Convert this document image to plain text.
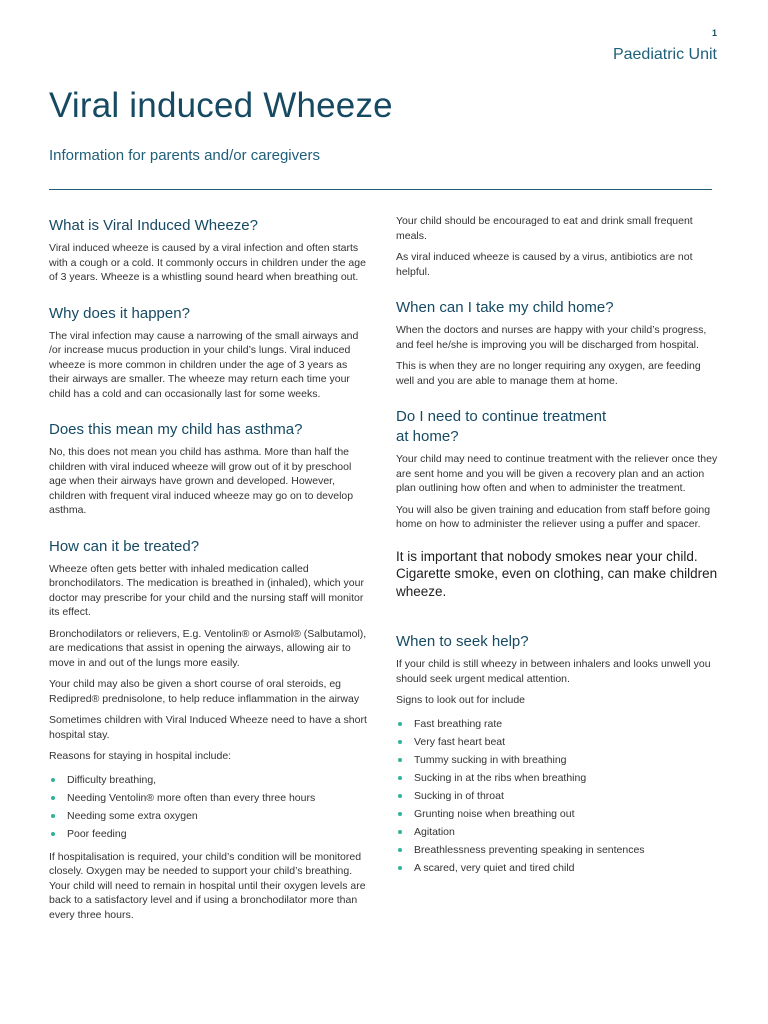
1
Paediatric Unit
Viral induced Wheeze

Information for parents and/or caregivers

What is Viral Induced Wheeze?

Viral induced wheeze is caused by a viral infection and often starts with a cough or a cold. It commonly occurs in children under the age of 3 years. Wheeze is a whistling sound heard when breathing out.

Why does it happen?

The viral infection may cause a narrowing of the small airways and /or increase mucus production in your child’s lungs. Viral induced wheeze is more common in children under the age of 3 years as their airways are smaller. The wheeze may return each time your child has a cold and can occasionally last for some weeks.

Does this mean my child has asthma?

No, this does not mean you child has asthma. More than half the children with viral induced wheeze will grow out of it by preschool age when their airways have grown and developed. However, children with frequent viral induced wheeze may go on to develop asthma.

How can it be treated?

Wheeze often gets better with inhaled medication called bronchodilators. The medication is breathed in (inhaled), which your doctor may prescribe for your child and the nursing staff will monitor its effect.

Bronchodilators or relievers, E.g. Ventolin® or Asmol® (Salbutamol), are medications that assist in opening the airways, allowing air to move in and out of the lungs more easily.

Your child may also be given a short course of oral steroids, eg Redipred® prednisolone, to help reduce inflammation in the airway

Sometimes children with Viral Induced Wheeze need to have a short hospital stay.

Reasons for staying in hospital include:

Difficulty breathing,
Needing Ventolin® more often than every three hours
Needing some extra oxygen
Poor feeding

If hospitalisation is required, your child’s condition will be monitored closely. Oxygen may be needed to support your child’s breathing. Your child will need to remain in hospital until their oxygen levels are back to a satisfactory level and if using a bronchodilator more than every three hours.

Your child should be encouraged to eat and drink small frequent meals.

As viral induced wheeze is caused by a virus, antibiotics are not helpful.

When can I take my child home?

When the doctors and nurses are happy with your child’s progress, and feel he/she is improving you will be discharged from hospital.

This is when they are no longer requiring any oxygen, are feeding well and you are able to manage them at home.

Do I need to continue treatment
at home?

Your child may need to continue treatment with the reliever once they are sent home and you will be given a recovery plan and an action plan outlining how often and when to administer the treatment.

You will also be given training and education from staff before going home on how to administer the reliever using a puffer and spacer.

It is important that nobody smokes near your child. Cigarette smoke, even on clothing, can make children wheeze.

When to seek help?

If your child is still wheezy in between inhalers and looks unwell you should seek urgent medical attention.

Signs to look out for include

Fast breathing rate
Very fast heart beat
Tummy sucking in with breathing
Sucking in at the ribs when breathing
Sucking in of throat
Grunting noise when breathing out
Agitation
Breathlessness preventing speaking in sentences
A scared, very quiet and tired child
